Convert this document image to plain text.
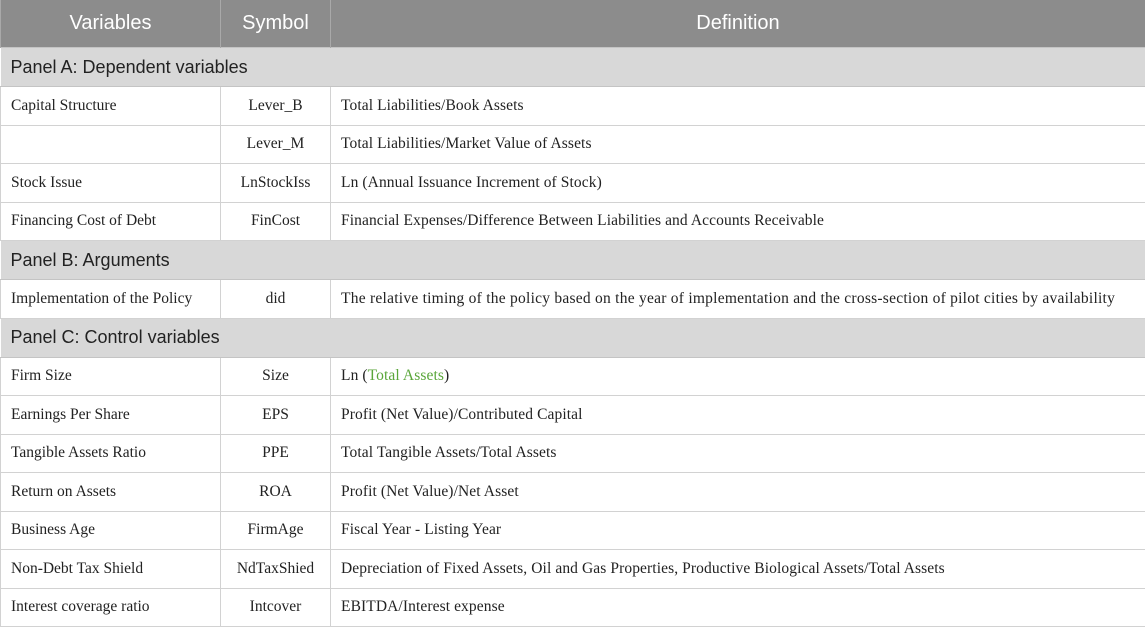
Variables	Symbol	Definition
Panel A: Dependent variables		
Capital Structure	Lever_B	Total Liabilities/Book Assets
	Lever_M	Total Liabilities/Market Value of Assets
Stock Issue	LnStockIss	Ln (Annual Issuance Increment of Stock)
Financing Cost of Debt	FinCost	Financial Expenses/Difference Between Liabilities and Accounts Receivable
Panel B: Arguments		
Implementation of the Policy	did	The relative timing of the policy based on the year of implementation and the cross-section of pilot cities by availability
Panel C: Control variables		
Firm Size	Size	Ln (Total Assets)
Earnings Per Share	EPS	Profit (Net Value)/Contributed Capital
Tangible Assets Ratio	PPE	Total Tangible Assets/Total Assets
Return on Assets	ROA	Profit (Net Value)/Net Asset
Business Age	FirmAge	Fiscal Year - Listing Year
Non-Debt Tax Shield	NdTaxShied	Depreciation of Fixed Assets, Oil and Gas Properties, Productive Biological Assets/Total Assets
Interest coverage ratio	Intcover	EBITDA/Interest expense
